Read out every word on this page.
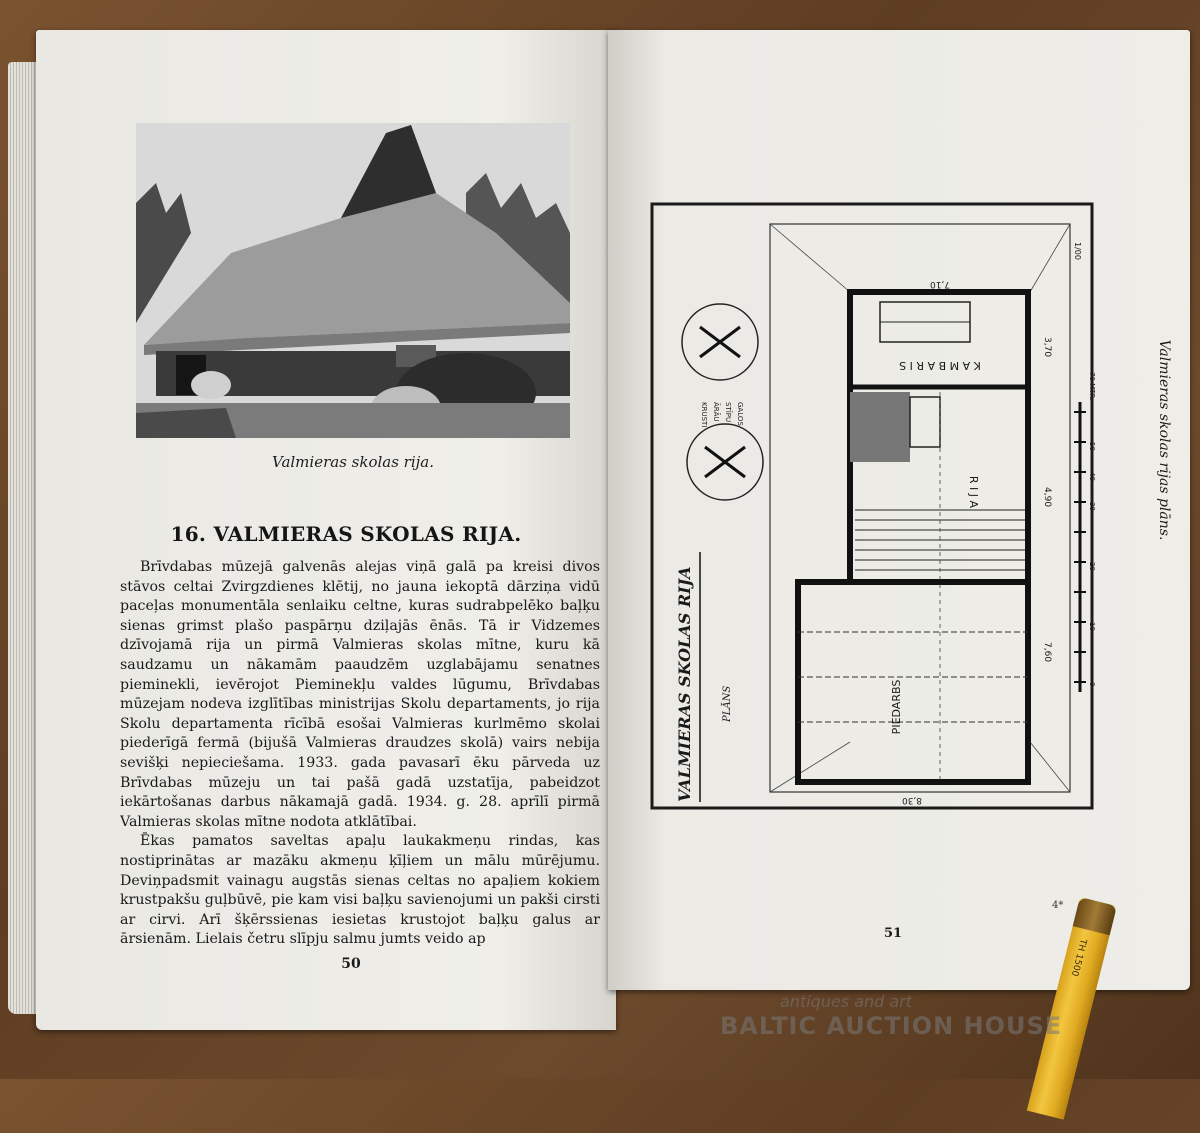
Valmieras skolas rija.
16. VALMIERAS SKOLAS RIJA.

Brīvdabas mūzejā galvenās alejas viņā galā pa kreisi divos stāvos celtai Zvirgzdienes klētij, no jauna iekoptā dārziņa vidū paceļas monumentāla senlaiku celtne, kuras sudrabpelēko baļķu sienas grimst plašo paspārņu dziļajās ēnās. Tā ir Vidzemes dzīvojamā rija un pirmā Valmieras skolas mītne, kuru kā saudzamu un nākamām paaudzēm uzglabājamu senatnes pieminekli, ievērojot Pieminekļu valdes lūgumu, Brīvdabas mūzejam nodeva izglītības ministrijas Skolu departaments, jo rija Skolu departamenta rīcībā esošai Valmieras kurlmēmo skolai piederīgā fermā (bijušā Valmieras draudzes skolā) vairs nebija sevišķi nepieciešama. 1933. gada pavasarī ēku pārveda uz Brīvdabas mūzeju un tai pašā gadā uzstatīja, pabeidzot iekārtošanas darbus nākamajā gadā. 1934. g. 28. aprīlī pirmā Valmieras skolas mītne nodota atklātībai.

Ēkas pamatos saveltas apaļu laukakmeņu rindas, kas nostiprinātas ar mazāku akmeņu ķīļiem un mālu mūrējumu. Deviņpadsmit vainagu augstās sienas celtas no apaļiem kokiem krustpakšu guļbūvē, pie kam visi baļķu savienojumi un pakši cirsti ar cirvi. Arī šķērssienas iesietas krustojot baļķu galus ar ārsienām. Lielais četru slīpju salmu jumts veido ap

50
K A M B A R I S
R I J A
PIEDARBS
7,10
3,70
4,90
7,60
8,30
1/00
0
10
20
30
40
50
70 MTR.
KRUSTI ĀRĀU STĪPU GALOS
VALMIERAS SKOLAS RIJA	PLĀNS
Valmieras skolas rijas plāns.
51
4*
TH 1500
antiques and art
BALTIC AUCTION HOUSE
